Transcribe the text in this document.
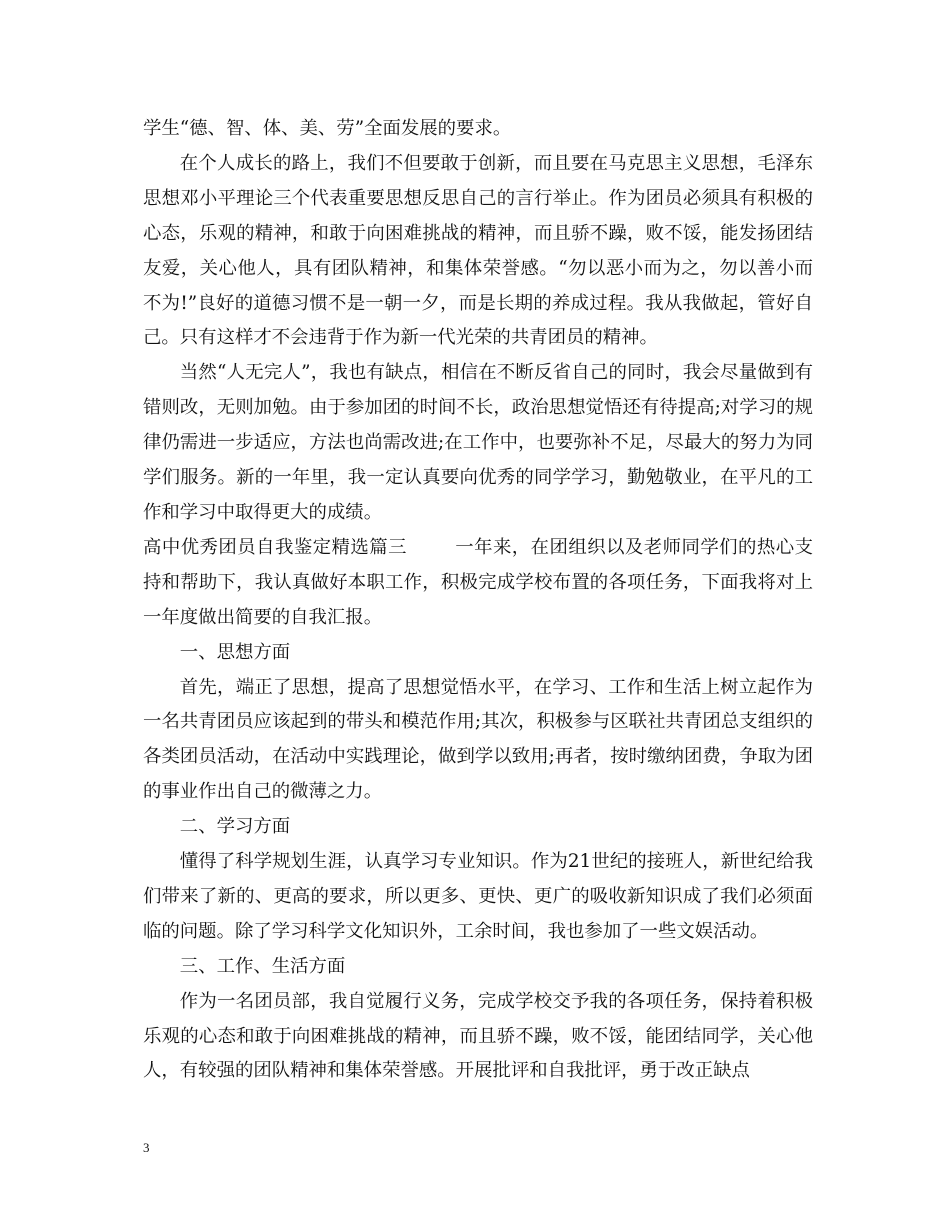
学生“德、智、体、美、劳”全面发展的要求。

在个人成长的路上，我们不但要敢于创新，而且要在马克思主义思想，毛泽东思想邓小平理论三个代表重要思想反思自己的言行举止。作为团员必须具有积极的心态，乐观的精神，和敢于向困难挑战的精神，而且骄不躁，败不馁，能发扬团结友爱，关心他人，具有团队精神，和集体荣誉感。“勿以恶小而为之，勿以善小而不为!”良好的道德习惯不是一朝一夕，而是长期的养成过程。我从我做起，管好自己。只有这样才不会违背于作为新一代光荣的共青团员的精神。

当然“人无完人”，我也有缺点，相信在不断反省自己的同时，我会尽量做到有错则改，无则加勉。由于参加团的时间不长，政治思想觉悟还有待提高;对学习的规律仍需进一步适应，方法也尚需改进;在工作中，也要弥补不足，尽最大的努力为同学们服务。新的一年里，我一定认真要向优秀的同学学习，勤勉敬业，在平凡的工作和学习中取得更大的成绩。

高中优秀团员自我鉴定精选篇三	一年来，在团组织以及老师同学们的热心支持和帮助下，我认真做好本职工作，积极完成学校布置的各项任务，下面我将对上一年度做出简要的自我汇报。

一、思想方面

首先，端正了思想，提高了思想觉悟水平，在学习、工作和生活上树立起作为一名共青团员应该起到的带头和模范作用;其次，积极参与区联社共青团总支组织的各类团员活动，在活动中实践理论，做到学以致用;再者，按时缴纳团费，争取为团的事业作出自己的微薄之力。

二、学习方面

懂得了科学规划生涯，认真学习专业知识。作为21世纪的接班人，新世纪给我们带来了新的、更高的要求，所以更多、更快、更广的吸收新知识成了我们必须面临的问题。除了学习科学文化知识外，工余时间，我也参加了一些文娱活动。

三、工作、生活方面

作为一名团员部，我自觉履行义务，完成学校交予我的各项任务，保持着积极乐观的心态和敢于向困难挑战的精神，而且骄不躁，败不馁，能团结同学，关心他人，有较强的团队精神和集体荣誉感。开展批评和自我批评，勇于改正缺点

3
